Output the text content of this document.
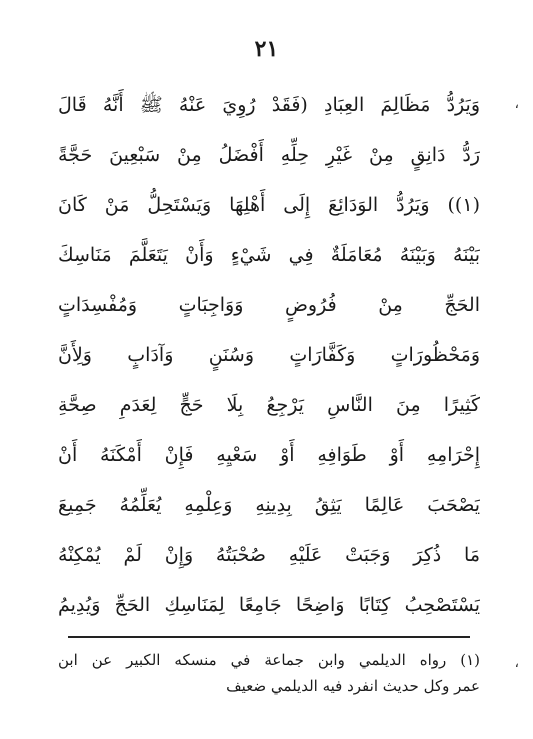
٢١
،
وَيَرُدُّ مَظَالِمَ العِبَادِ (فَقَدْ رُوِيَ عَنْهُ ﷺ أَنَّهُ قَالَ
رَدُّ دَانِقٍ مِنْ غَيْرِ حِلِّهِ أَفْضَلُ مِنْ سَبْعِينَ حَجَّةً
(١)) وَيَرُدُّ الوَدَائِعَ إِلَى أَهْلِهَا وَيَسْتَحِلُّ مَنْ كَانَ
بَيْنَهُ وَبَيْنَهُ مُعَامَلَةٌ فِي شَيْءٍ وَأَنْ يَتَعَلَّمَ مَنَاسِكَ
الحَجِّ مِنْ فُرُوضٍ وَوَاجِبَاتٍ وَمُفْسِدَاتٍ
وَمَحْظُورَاتٍ وَكَفَّارَاتٍ وَسُنَنٍ وَآدَابٍ وَلِأَنَّ
كَثِيرًا مِنَ النَّاسِ يَرْجِعُ بِلَا حَجٍّ لِعَدَمِ صِحَّةِ
إِحْرَامِهِ أَوْ طَوَافِهِ أَوْ سَعْيِهِ فَإِنْ أَمْكَنَهُ أَنْ
يَصْحَبَ عَالِمًا يَثِقُ بِدِينِهِ وَعِلْمِهِ يُعَلِّمُهُ جَمِيعَ
مَا ذُكِرَ وَجَبَتْ عَلَيْهِ صُحْبَتُهُ وَإِنْ لَمْ يُمْكِنْهُ
يَسْتَصْحِبُ كِتَابًا وَاضِحًا جَامِعًا لِمَنَاسِكِ الحَجِّ وَيُدِيمُ
،
(١) رواه الديلمي وابن جماعة في منسكه الكبير عن ابن
عمر وكل حديث انفرد فيه الديلمي ضعيف
